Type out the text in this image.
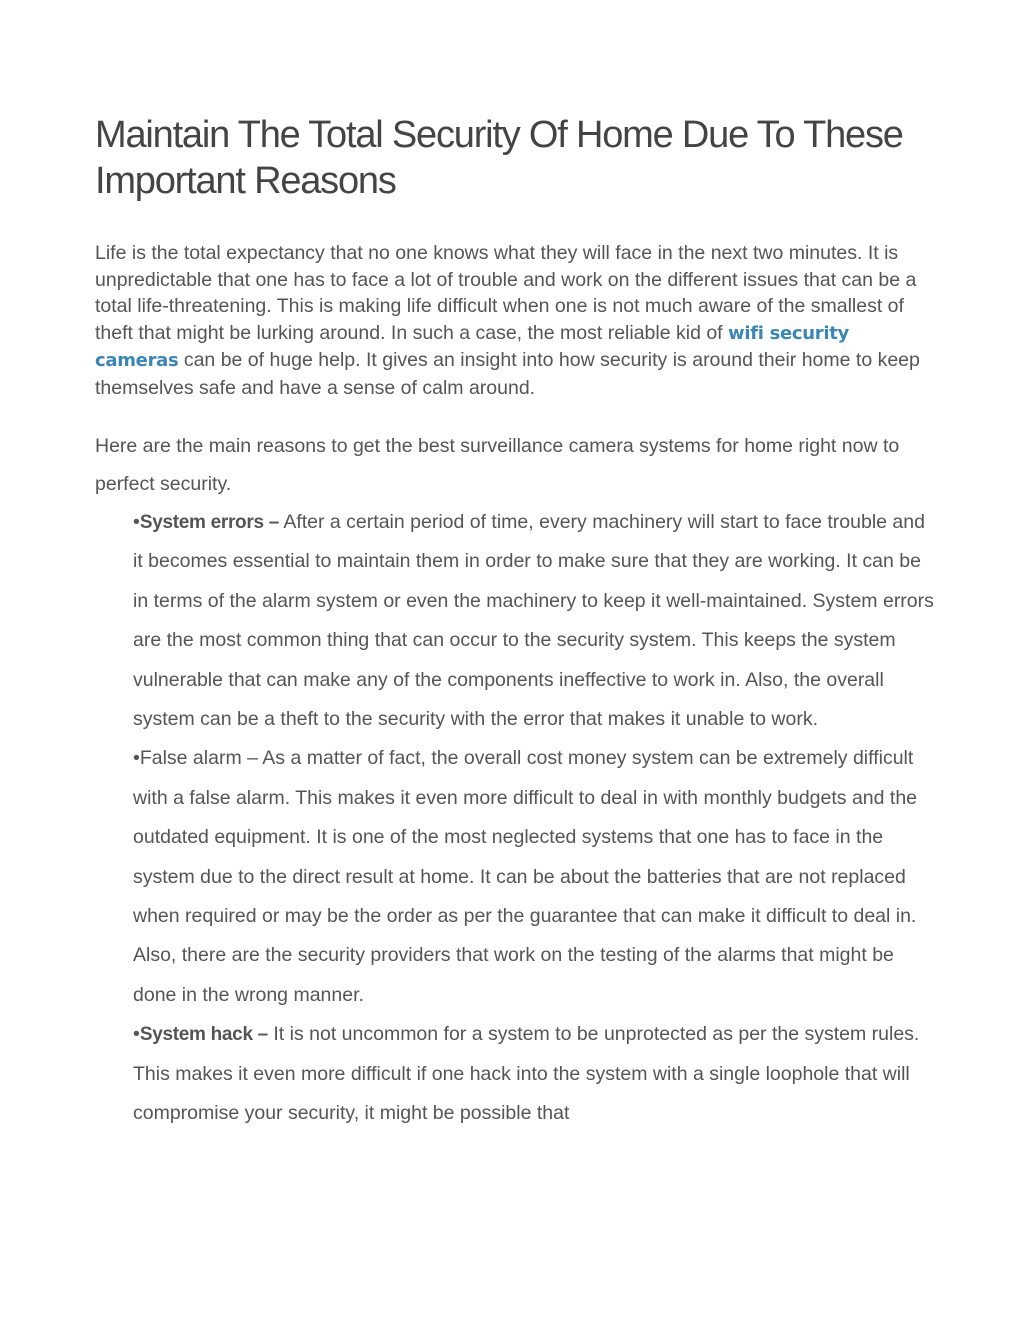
Maintain The Total Security Of Home Due To These Important Reasons

Life is the total expectancy that no one knows what they will face in the next two minutes. It is unpredictable that one has to face a lot of trouble and work on the different issues that can be a total life-threatening. This is making life difficult when one is not much aware of the smallest of theft that might be lurking around. In such a case, the most reliable kid of wifi security cameras can be of huge help. It gives an insight into how security is around their home to keep themselves safe and have a sense of calm around.

Here are the main reasons to get the best surveillance camera systems for home right now to perfect security.

•System errors – After a certain period of time, every machinery will start to face trouble and it becomes essential to maintain them in order to make sure that they are working. It can be in terms of the alarm system or even the machinery to keep it well-maintained. System errors are the most common thing that can occur to the security system. This keeps the system vulnerable that can make any of the components ineffective to work in. Also, the overall system can be a theft to the security with the error that makes it unable to work.
•False alarm – As a matter of fact, the overall cost money system can be extremely difficult with a false alarm. This makes it even more difficult to deal in with monthly budgets and the outdated equipment. It is one of the most neglected systems that one has to face in the system due to the direct result at home. It can be about the batteries that are not replaced when required or may be the order as per the guarantee that can make it difficult to deal in. Also, there are the security providers that work on the testing of the alarms that might be done in the wrong manner.
•System hack – It is not uncommon for a system to be unprotected as per the system rules. This makes it even more difficult if one hack into the system with a single loophole that will compromise your security, it might be possible that
